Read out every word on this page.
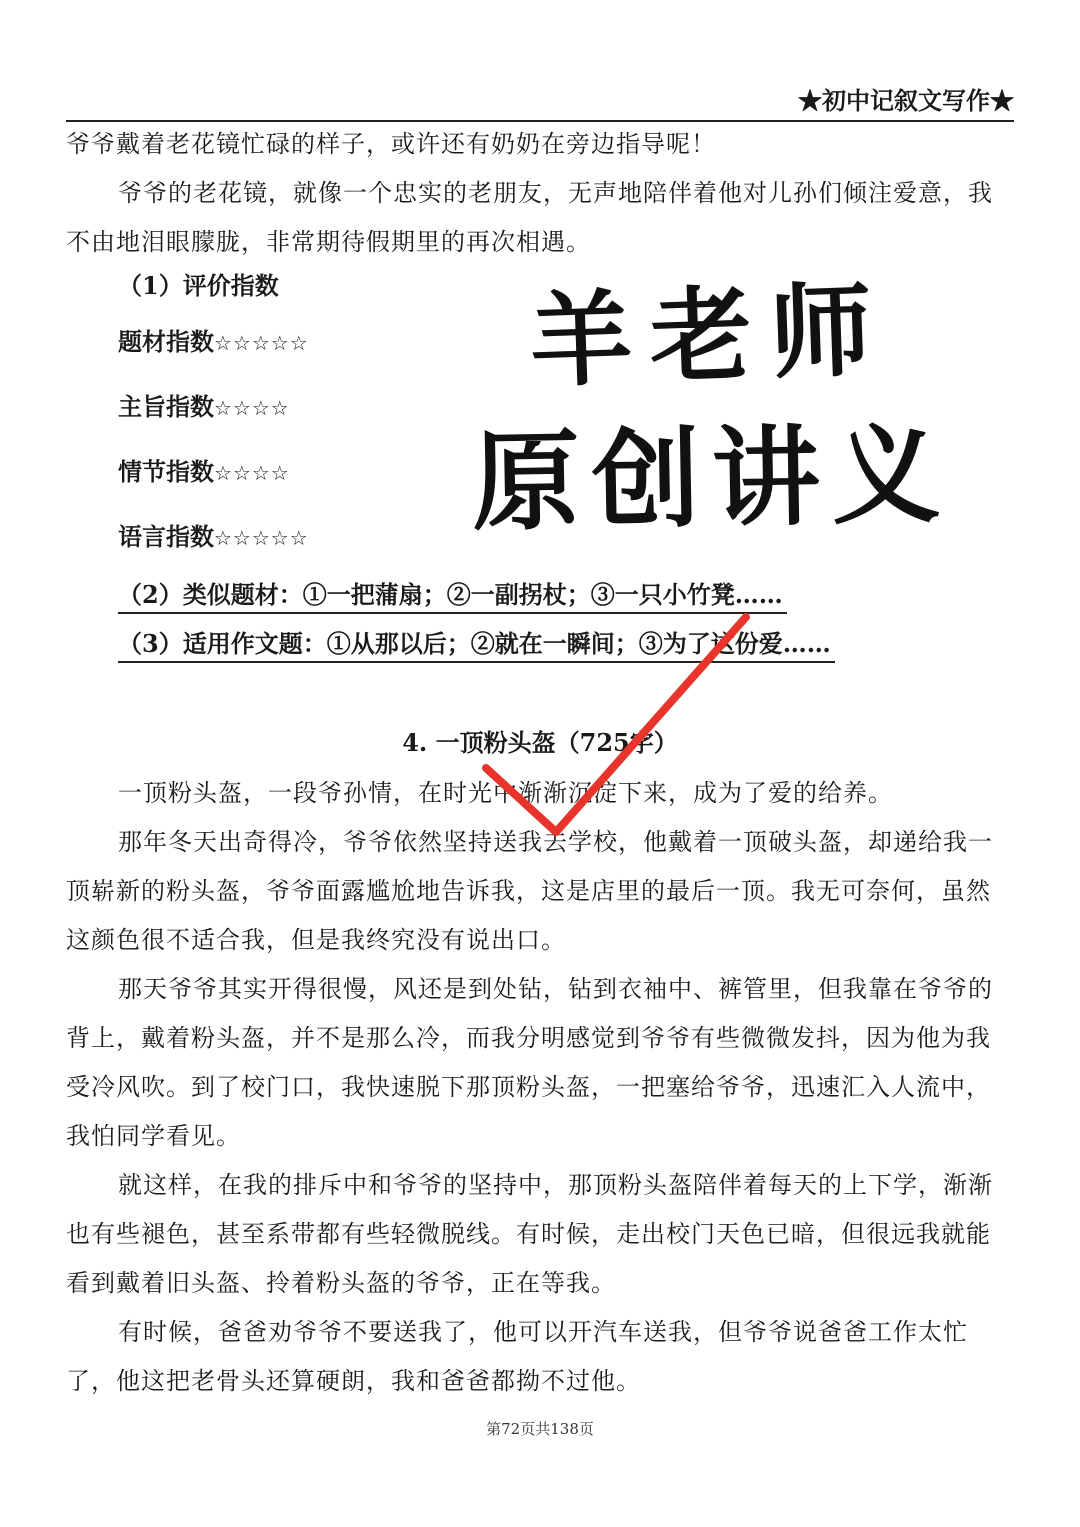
★初中记叙文写作★

爷爷戴着老花镜忙碌的样子，或许还有奶奶在旁边指导呢！

爷爷的老花镜，就像一个忠实的老朋友，无声地陪伴着他对儿孙们倾注爱意，我不由地泪眼朦胧，非常期待假期里的再次相遇。

（1）评价指数
题材指数☆☆☆☆☆
主旨指数☆☆☆☆
情节指数☆☆☆☆
语言指数☆☆☆☆☆
（2）类似题材：①一把蒲扇；②一副拐杖；③一只小竹凳……
（3）适用作文题：①从那以后；②就在一瞬间；③为了这份爱……
羊老师
原创讲义
4. 一顶粉头盔（725字）

一顶粉头盔，一段爷孙情，在时光中渐渐沉淀下来，成为了爱的给养。

那年冬天出奇得冷，爷爷依然坚持送我去学校，他戴着一顶破头盔，却递给我一顶崭新的粉头盔，爷爷面露尴尬地告诉我，这是店里的最后一顶。我无可奈何，虽然这颜色很不适合我，但是我终究没有说出口。

那天爷爷其实开得很慢，风还是到处钻，钻到衣袖中、裤管里，但我靠在爷爷的背上，戴着粉头盔，并不是那么冷，而我分明感觉到爷爷有些微微发抖，因为他为我受冷风吹。到了校门口，我快速脱下那顶粉头盔，一把塞给爷爷，迅速汇入人流中，我怕同学看见。

就这样，在我的排斥中和爷爷的坚持中，那顶粉头盔陪伴着每天的上下学，渐渐也有些褪色，甚至系带都有些轻微脱线。有时候，走出校门天色已暗，但很远我就能看到戴着旧头盔、拎着粉头盔的爷爷，正在等我。

有时候，爸爸劝爷爷不要送我了，他可以开汽车送我，但爷爷说爸爸工作太忙了，他这把老骨头还算硬朗，我和爸爸都拗不过他。

第72页共138页
